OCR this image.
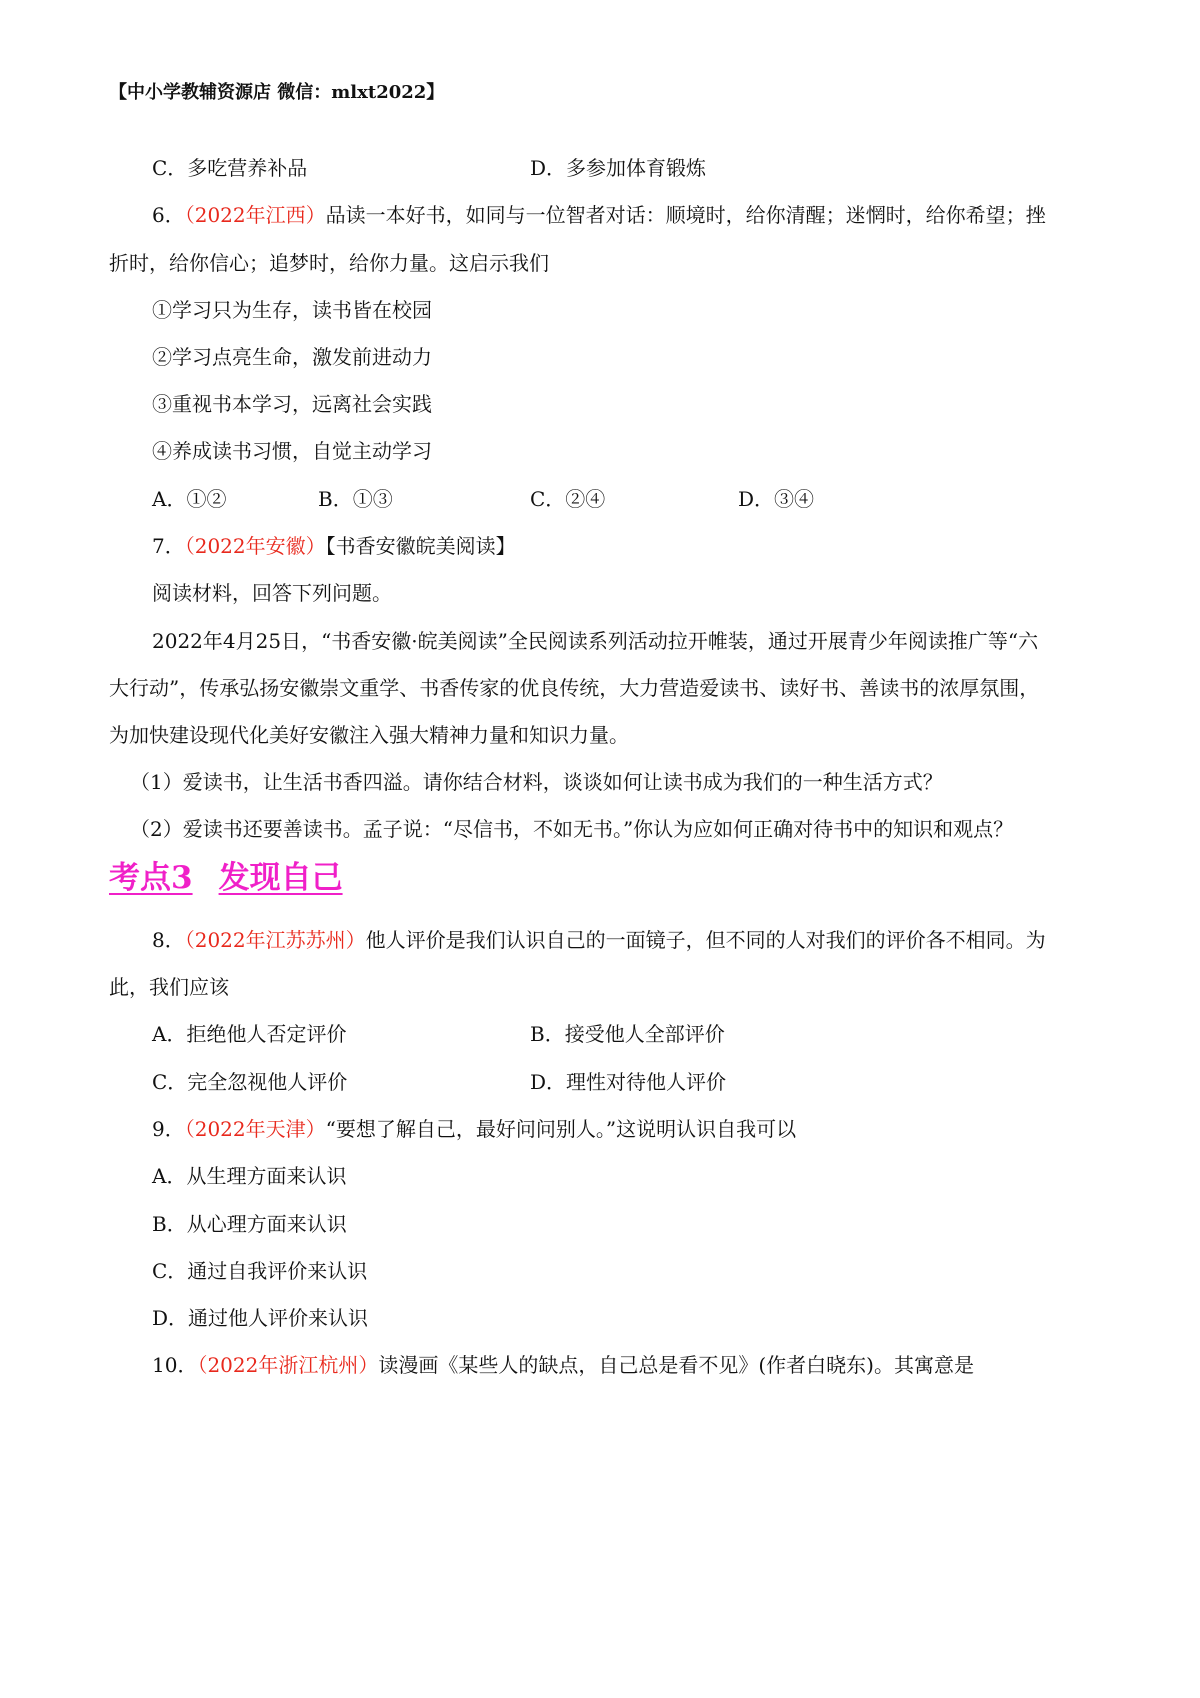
【中小学教辅资源店 微信：mlxt2022】
C．多吃营养补品	D．多参加体育锻炼
6．（2022年江西）品读一本好书，如同与一位智者对话：顺境时，给你清醒；迷惘时，给你希望；挫
折时，给你信心；追梦时，给你力量。这启示我们
①学习只为生存，读书皆在校园
②学习点亮生命，激发前进动力
③重视书本学习，远离社会实践
④养成读书习惯，自觉主动学习
A．①②	B．①③	C．②④	D．③④
7．（2022年安徽）【书香安徽皖美阅读】
阅读材料，回答下列问题。
2022年4月25日，“书香安徽·皖美阅读”全民阅读系列活动拉开帷装，通过开展青少年阅读推广等“六
大行动”，传承弘扬安徽崇文重学、书香传家的优良传统，大力营造爱读书、读好书、善读书的浓厚氛围，
为加快建设现代化美好安徽注入强大精神力量和知识力量。
（1）爱读书，让生活书香四溢。请你结合材料，谈谈如何让读书成为我们的一种生活方式？
（2）爱读书还要善读书。孟子说：“尽信书，不如无书。”你认为应如何正确对待书中的知识和观点？
考点3 发现自己
8．（2022年江苏苏州）他人评价是我们认识自己的一面镜子，但不同的人对我们的评价各不相同。为
此，我们应该
A．拒绝他人否定评价	B．接受他人全部评价
C．完全忽视他人评价	D．理性对待他人评价
9．（2022年天津）“要想了解自己，最好问问别人。”这说明认识自我可以
A．从生理方面来认识
B．从心理方面来认识
C．通过自我评价来认识
D．通过他人评价来认识
10．（2022年浙江杭州）读漫画《某些人的缺点，自己总是看不见》(作者白晓东)。其寓意是
